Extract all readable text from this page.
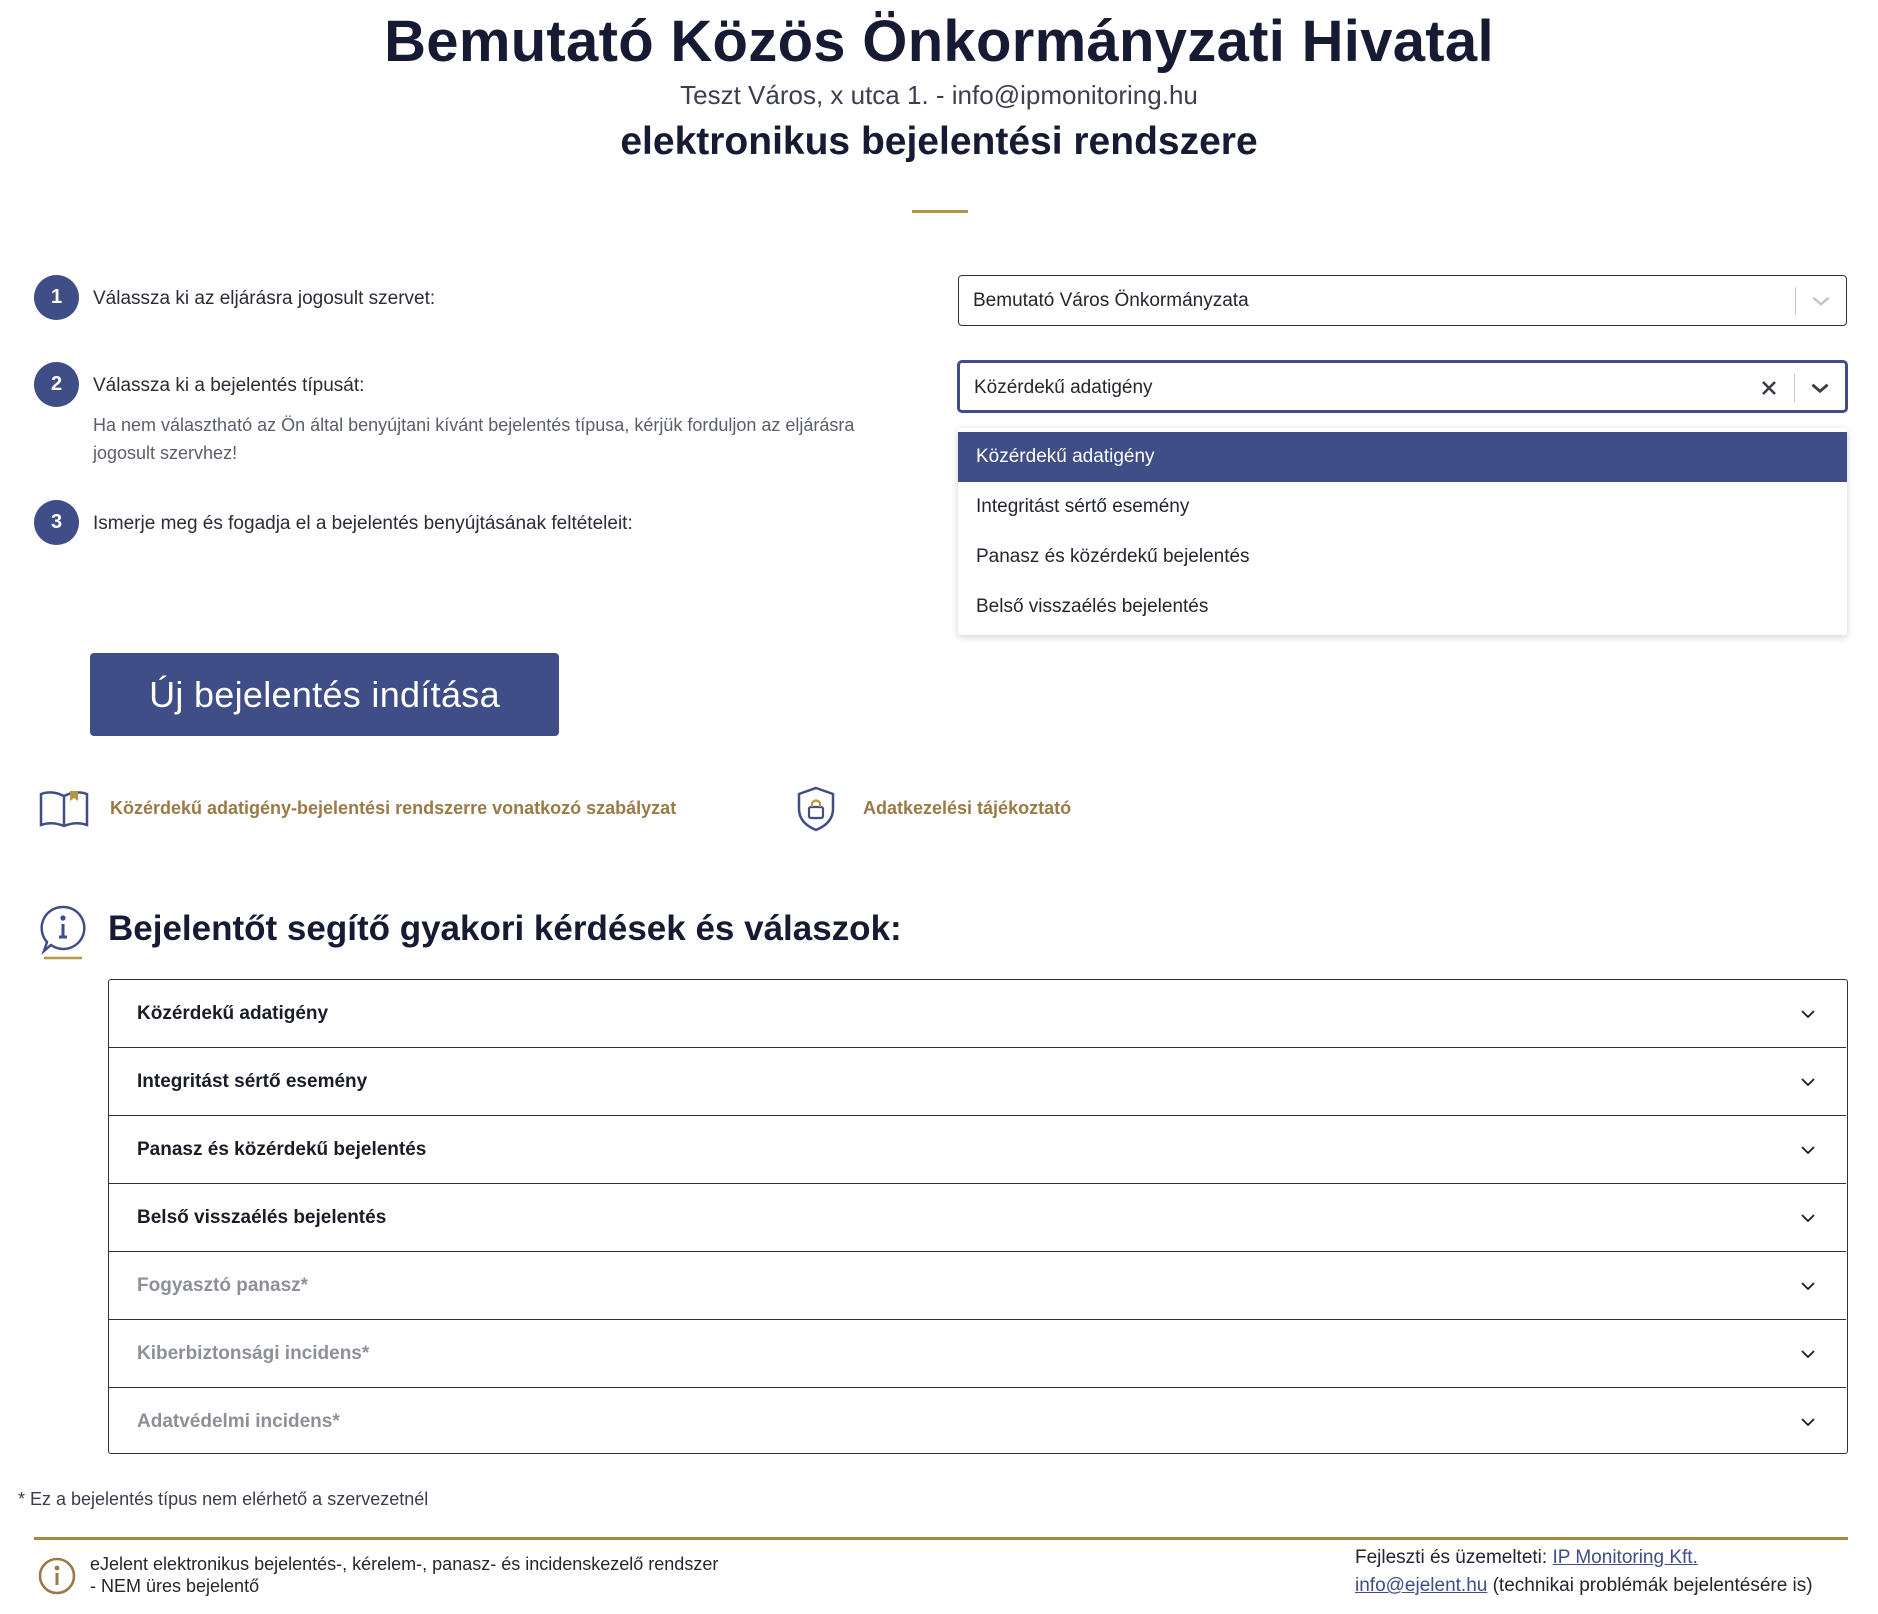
Bemutató Közös Önkormányzati Hivatal
Teszt Város, x utca 1. - info@ipmonitoring.hu
elektronikus bejelentési rendszere
1	Válassza ki az eljárásra jogosult szervet:
2	Válassza ki a bejelentés típusát:
Ha nem választható az Ön által benyújtani kívánt bejelentés típusa, kérjük forduljon az eljárásra jogosult szervhez!
3	Ismerje meg és fogadja el a bejelentés benyújtásának feltételeit:
Bemutató Város Önkormányzata
Közérdekű adatigény
Közérdekű adatigény
Integritást sértő esemény
Panasz és közérdekű bejelentés
Belső visszaélés bejelentés
Új bejelentés indítása
Közérdekű adatigény-bejelentési rendszerre vonatkozó szabályzat	Adatkezelési tájékoztató
Bejelentőt segítő gyakori kérdések és válaszok:
Közérdekű adatigény
Integritást sértő esemény
Panasz és közérdekű bejelentés
Belső visszaélés bejelentés
Fogyasztó panasz*
Kiberbiztonsági incidens*
Adatvédelmi incidens*
* Ez a bejelentés típus nem elérhető a szervezetnél
eJelent elektronikus bejelentés-, kérelem-, panasz- és incidenskezelő rendszer
- NEM üres bejelentő
Fejleszti és üzemelteti: IP Monitoring Kft.
info@ejelent.hu (technikai problémák bejelentésére is)
